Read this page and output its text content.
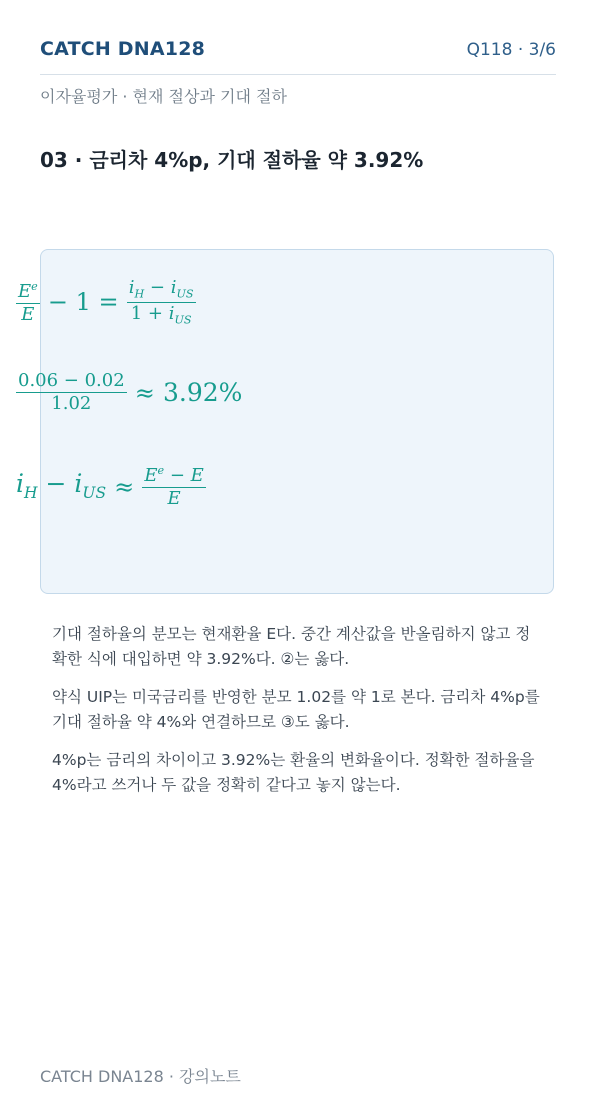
CATCH DNA128	Q118 · 3/6
이자율평가 · 현재 절상과 기대 절하
03 · 금리차 4%p, 기대 절하율 약 3.92%
$\frac{E^e}{E} - 1 = \frac{i_H - i_{US}}{1 + i_{US}}$
$\frac{0.06 - 0.02}{1.02} \approx 3.92\%$
$i_H - i_{US} \approx \frac{E^e - E}{E}$

기대 절하율의 분모는 현재환율 E다. 중간 계산값을 반올림하지 않고 정확한 식에 대입하면 약 3.92%다. ②는 옳다.

약식 UIP는 미국금리를 반영한 분모 1.02를 약 1로 본다. 금리차 4%p를 기대 절하율 약 4%와 연결하므로 ③도 옳다.

4%p는 금리의 차이이고 3.92%는 환율의 변화율이다. 정확한 절하율을 4%라고 쓰거나 두 값을 정확히 같다고 놓지 않는다.

CATCH DNA128 · 강의노트
